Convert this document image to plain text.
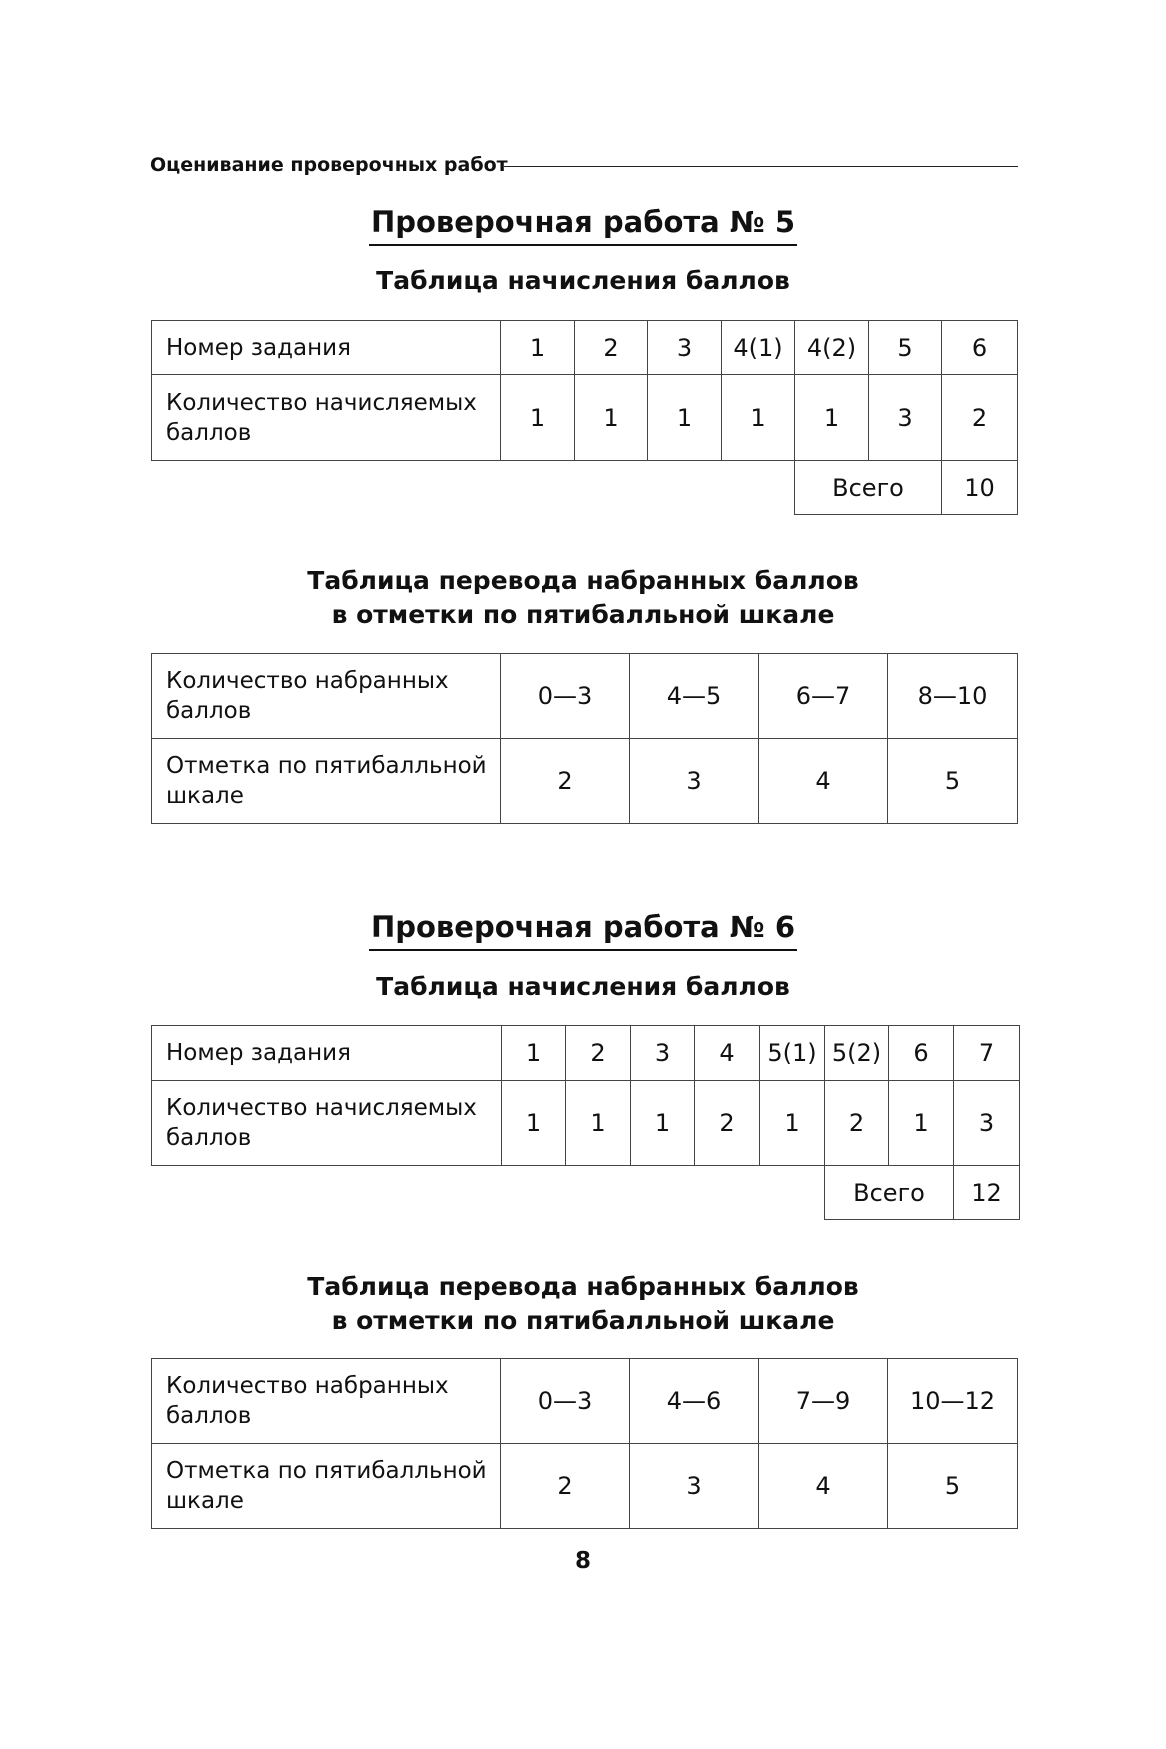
Оценивание проверочных работ
Проверочная работа № 5
Таблица начисления баллов
Номер задания	1	2	3	4(1)	4(2)	5	6
Количество начисляемых баллов	1	1	1	1	1	3	2
					Всего		10
Таблица перевода набранных баллов
в отметки по пятибалльной шкале
Количество набранных баллов	0—3	4—5	6—7	8—10
Отметка по пятибалльной шкале	2	3	4	5
Проверочная работа № 6
Таблица начисления баллов
Номер задания	1	2	3	4	5(1)	5(2)	6	7
Количество начисляемых баллов	1	1	1	2	1	2	1	3
						Всего		12
Таблица перевода набранных баллов
в отметки по пятибалльной шкале
Количество набранных баллов	0—3	4—6	7—9	10—12
Отметка по пятибалльной шкале	2	3	4	5
8
